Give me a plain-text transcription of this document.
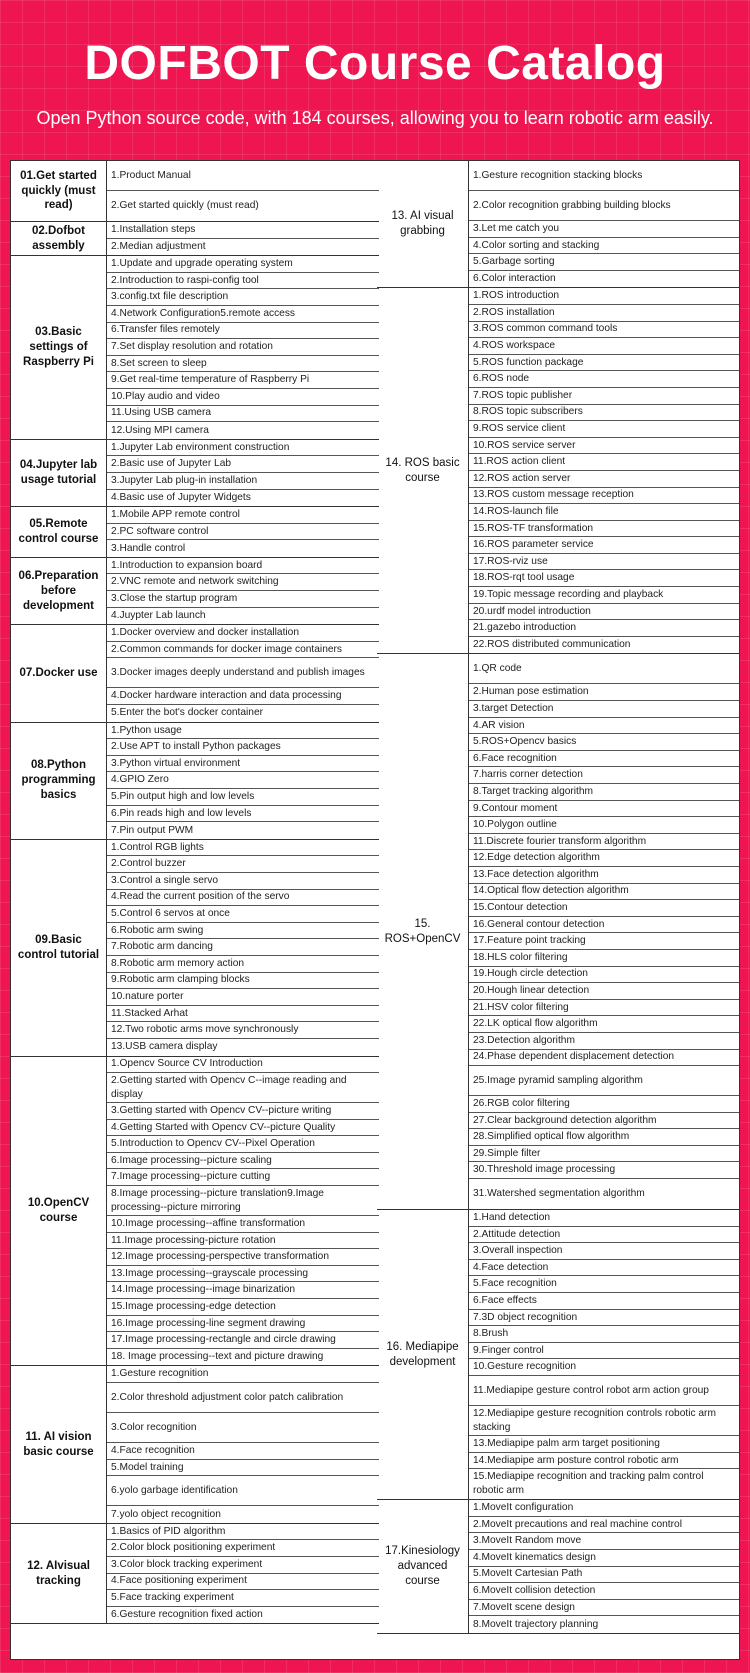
DOFBOT Course Catalog

Open Python source code, with 184 courses, allowing you to learn robotic arm easily.

01.Get started quickly (must read)
1.Product Manual
2.Get started quickly (must read)
02.Dofbot assembly
1.Installation steps
2.Median adjustment
03.Basic settings of Raspberry Pi
1.Update and upgrade operating system
2.Introduction to raspi-config tool
3.config.txt file description
4.Network Configuration5.remote access
6.Transfer files remotely
7.Set display resolution and rotation
8.Set screen to sleep
9.Get real-time temperature of Raspberry Pi
10.Play audio and video
11.Using USB camera
12.Using MPI camera
04.Jupyter lab usage tutorial
1.Jupyter Lab environment construction
2.Basic use of Jupyter Lab
3.Jupyter Lab plug-in installation
4.Basic use of Jupyter Widgets
05.Remote control course
1.Mobile APP remote control
2.PC software control
3.Handle control
06.Preparation before development
1.Introduction to expansion board
2.VNC remote and network switching
3.Close the startup program
4.Juypter Lab launch
07.Docker use
1.Docker overview and docker installation
2.Common commands for docker image containers
3.Docker images deeply understand and publish images
4.Docker hardware interaction and data processing
5.Enter the bot's docker container
08.Python programming basics
1.Python usage
2.Use APT to install Python packages
3.Python virtual environment
4.GPIO Zero
5.Pin output high and low levels
6.Pin reads high and low levels
7.Pin output PWM
09.Basic control tutorial
1.Control RGB lights
2.Control buzzer
3.Control a single servo
4.Read the current position of the servo
5.Control 6 servos at once
6.Robotic arm swing
7.Robotic arm dancing
8.Robotic arm memory action
9.Robotic arm clamping blocks
10.nature porter
11.Stacked Arhat
12.Two robotic arms move synchronously
13.USB camera display
10.OpenCV course
1.Opencv Source CV Introduction
2.Getting started with Opencv C--image reading and display
3.Getting started with Opencv CV--picture writing
4.Getting Started with Opencv CV--picture Quality
5.Introduction to Opencv CV--Pixel Operation
6.Image processing--picture scaling
7.Image processing--picture cutting
8.Image processing--picture translation9.Image processing--picture mirroring
10.Image processing--affine transformation
11.Image processing-picture rotation
12.Image processing-perspective transformation
13.Image processing--grayscale processing
14.Image processing--image binarization
15.Image processing-edge detection
16.Image processing-line segment drawing
17.Image processing-rectangle and circle drawing
18. Image processing--text and picture drawing
11. AI vision basic course
1.Gesture recognition
2.Color threshold adjustment color patch calibration
3.Color recognition
4.Face recognition
5.Model training
6.yolo garbage identification
7.yolo object recognition
12. AIvisual tracking
1.Basics of PID algorithm
2.Color block positioning experiment
3.Color block tracking experiment
4.Face positioning experiment
5.Face tracking experiment
6.Gesture recognition fixed action
13. AI visual grabbing
1.Gesture recognition stacking blocks
2.Color recognition grabbing building blocks
3.Let me catch you
4.Color sorting and stacking
5.Garbage sorting
6.Color interaction
14. ROS basic course
1.ROS introduction
2.ROS installation
3.ROS common command tools
4.ROS workspace
5.ROS function package
6.ROS node
7.ROS topic publisher
8.ROS topic subscribers
9.ROS service client
10.ROS service server
11.ROS action client
12.ROS action server
13.ROS custom message reception
14.ROS-launch file
15.ROS-TF transformation
16.ROS parameter service
17.ROS-rviz use
18.ROS-rqt tool usage
19.Topic message recording and playback
20.urdf model introduction
21.gazebo introduction
22.ROS distributed communication
15. ROS+OpenCV
1.QR code
2.Human pose estimation
3.target Detection
4.AR vision
5.ROS+Opencv basics
6.Face recognition
7.harris corner detection
8.Target tracking algorithm
9.Contour moment
10.Polygon outline
11.Discrete fourier transform algorithm
12.Edge detection algorithm
13.Face detection algorithm
14.Optical flow detection algorithm
15.Contour detection
16.General contour detection
17.Feature point tracking
18.HLS color filtering
19.Hough circle detection
20.Hough linear detection
21.HSV color filtering
22.LK optical flow algorithm
23.Detection algorithm
24.Phase dependent displacement detection
25.Image pyramid sampling algorithm
26.RGB color filtering
27.Clear background detection algorithm
28.Simplified optical flow algorithm
29.Simple filter
30.Threshold image processing
31.Watershed segmentation algorithm
16. Mediapipe development
1.Hand detection
2.Attitude detection
3.Overall inspection
4.Face detection
5.Face recognition
6.Face effects
7.3D object recognition
8.Brush
9.Finger control
10.Gesture recognition
11.Mediapipe gesture control robot arm action group
12.Mediapipe gesture recognition controls robotic arm stacking
13.Mediapipe palm arm target positioning
14.Mediapipe arm posture control robotic arm
15.Mediapipe recognition and tracking palm control robotic arm
17.Kinesiology advanced course
1.MoveIt configuration
2.MoveIt precautions and real machine control
3.MoveIt Random move
4.MoveIt kinematics design
5.MoveIt Cartesian Path
6.MoveIt collision detection
7.MoveIt scene design
8.MoveIt trajectory planning
